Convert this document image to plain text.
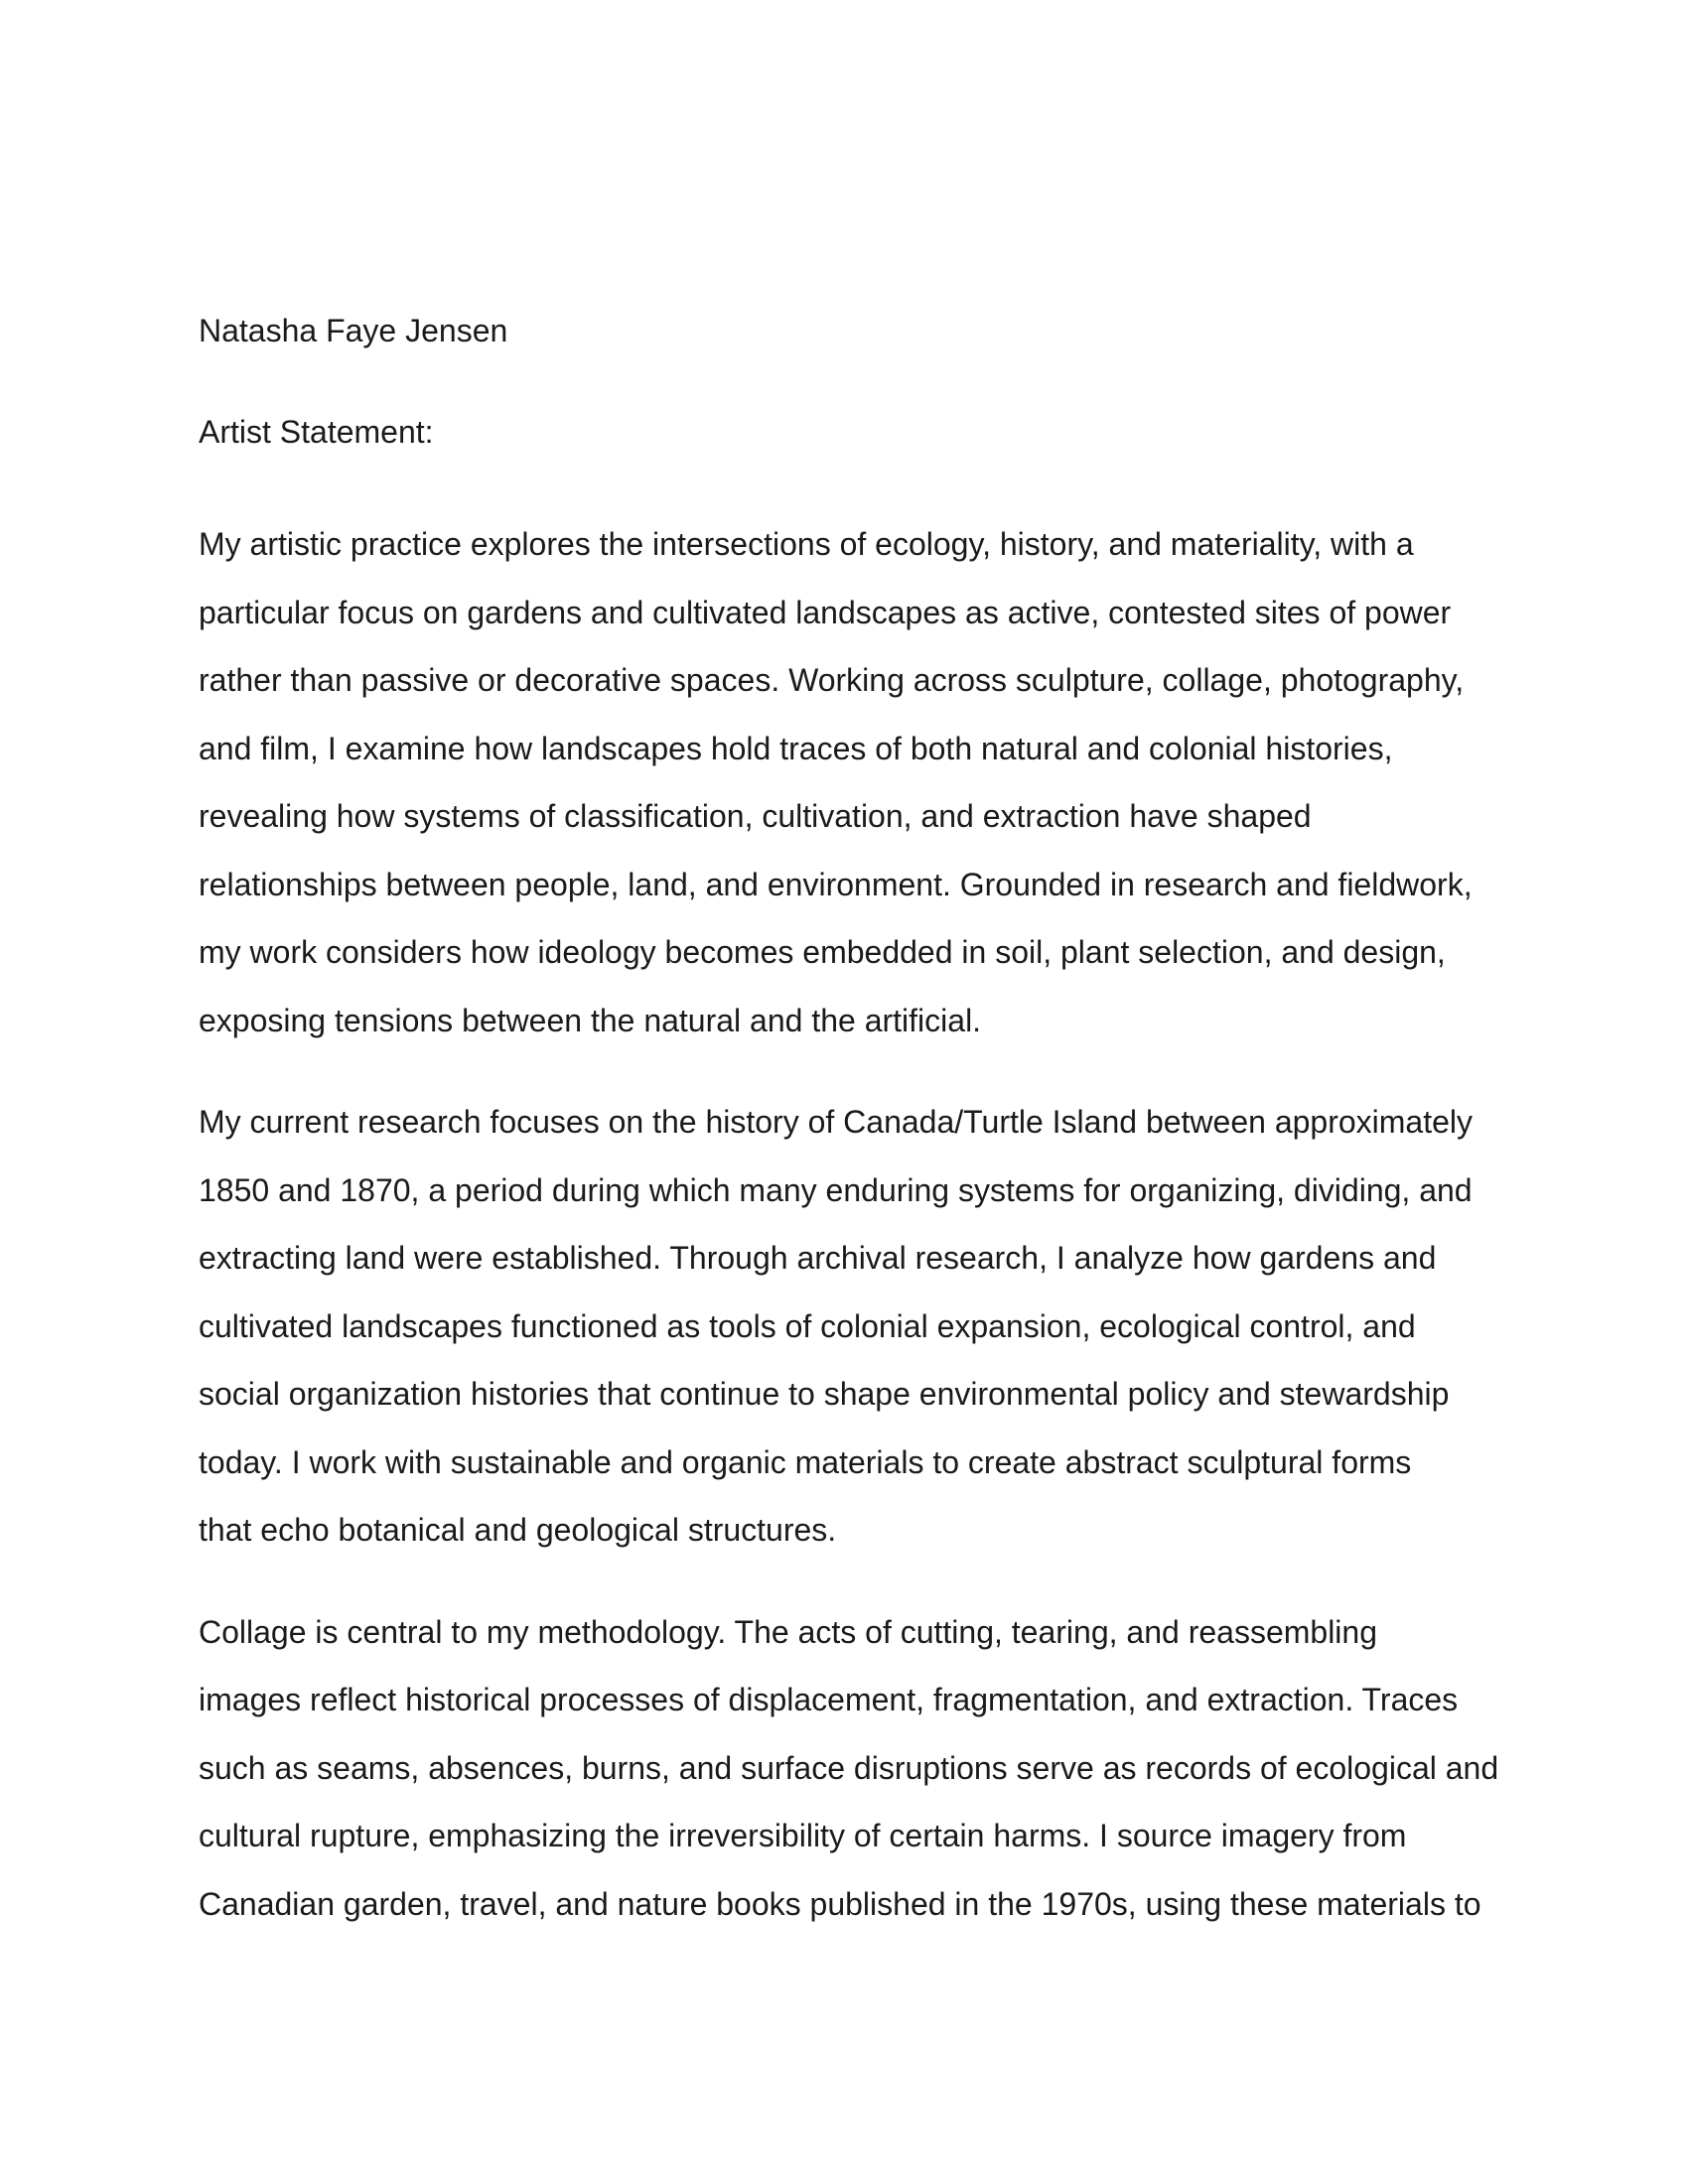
Natasha Faye Jensen
Artist Statement:
My artistic practice explores the intersections of ecology, history, and materiality, with a
particular focus on gardens and cultivated landscapes as active, contested sites of power
rather than passive or decorative spaces. Working across sculpture, collage, photography,
and film, I examine how landscapes hold traces of both natural and colonial histories,
revealing how systems of classification, cultivation, and extraction have shaped
relationships between people, land, and environment. Grounded in research and fieldwork,
my work considers how ideology becomes embedded in soil, plant selection, and design,
exposing tensions between the natural and the artificial.
My current research focuses on the history of Canada/Turtle Island between approximately
1850 and 1870, a period during which many enduring systems for organizing, dividing, and
extracting land were established. Through archival research, I analyze how gardens and
cultivated landscapes functioned as tools of colonial expansion, ecological control, and
social organization histories that continue to shape environmental policy and stewardship
today. I work with sustainable and organic materials to create abstract sculptural forms
that echo botanical and geological structures.
Collage is central to my methodology. The acts of cutting, tearing, and reassembling
images reflect historical processes of displacement, fragmentation, and extraction. Traces
such as seams, absences, burns, and surface disruptions serve as records of ecological and
cultural rupture, emphasizing the irreversibility of certain harms. I source imagery from
Canadian garden, travel, and nature books published in the 1970s, using these materials to
